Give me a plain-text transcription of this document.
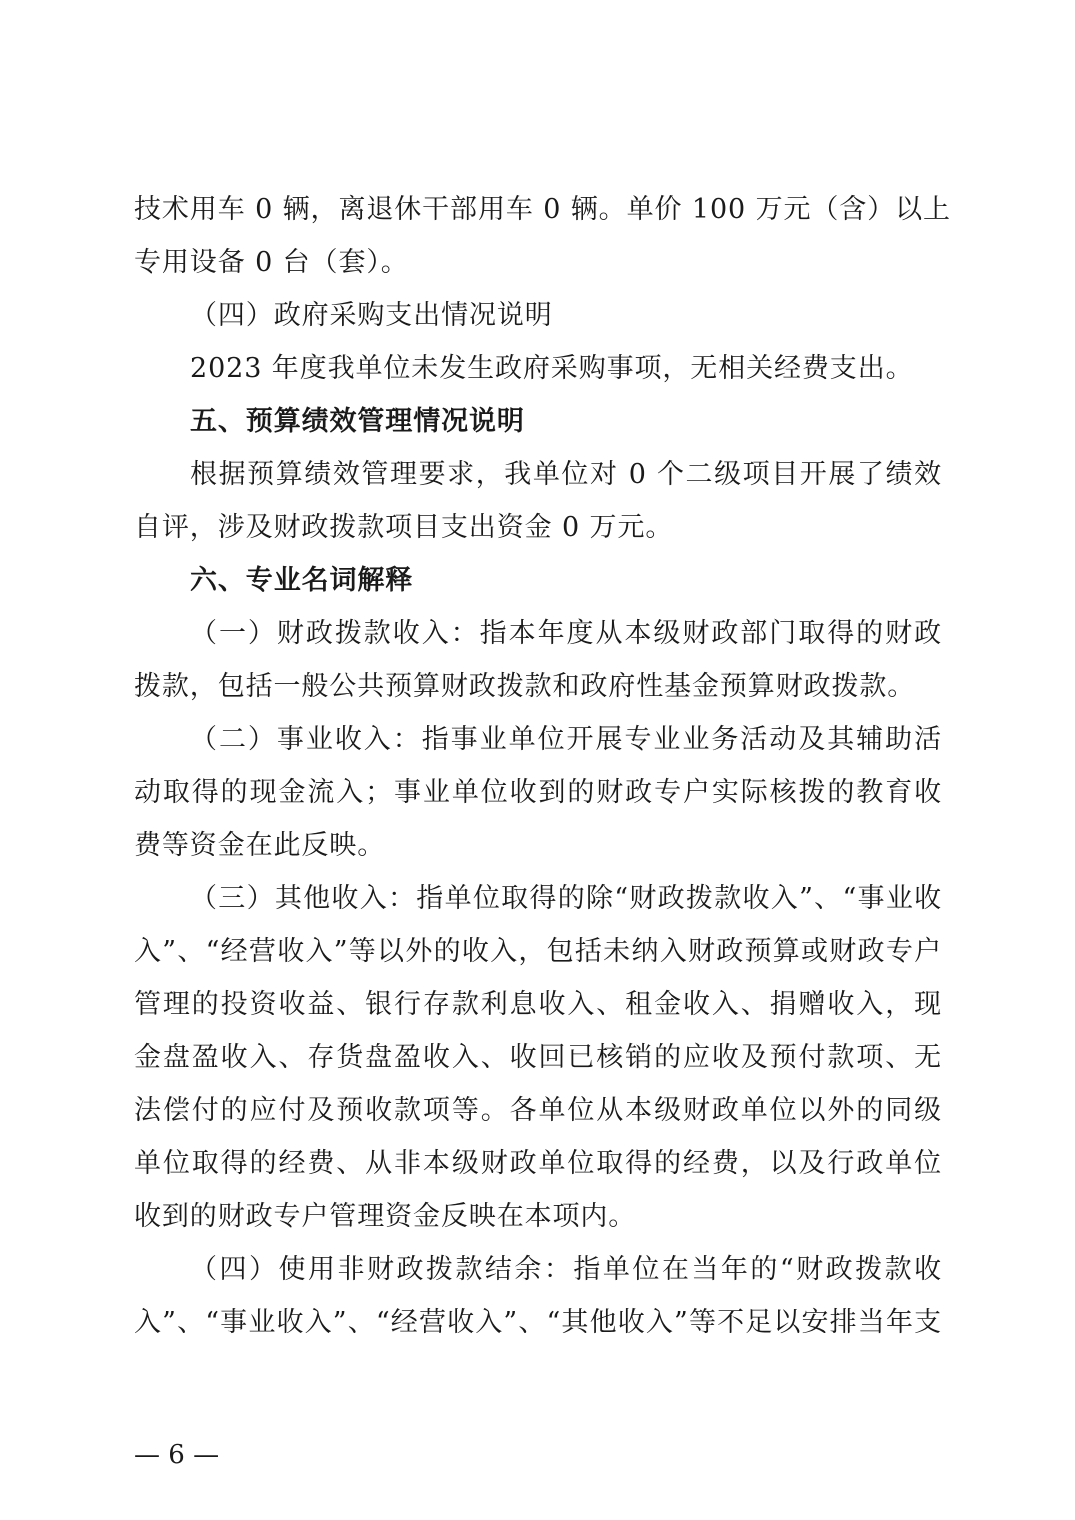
技术用车 0 辆，离退休干部用车 0 辆。单价 100 万元（含）以上
专用设备 0 台（套）。
（四）政府采购支出情况说明
2023 年度我单位未发生政府采购事项，无相关经费支出。
五、预算绩效管理情况说明
根据预算绩效管理要求，我单位对 0 个二级项目开展了绩效
自评，涉及财政拨款项目支出资金 0 万元。
六、专业名词解释
（一）财政拨款收入：指本年度从本级财政部门取得的财政
拨款，包括一般公共预算财政拨款和政府性基金预算财政拨款。
（二）事业收入：指事业单位开展专业业务活动及其辅助活
动取得的现金流入；事业单位收到的财政专户实际核拨的教育收
费等资金在此反映。
（三）其他收入：指单位取得的除“财政拨款收入”、“事业收
入”、“经营收入”等以外的收入，包括未纳入财政预算或财政专户
管理的投资收益、银行存款利息收入、租金收入、捐赠收入，现
金盘盈收入、存货盘盈收入、收回已核销的应收及预付款项、无
法偿付的应付及预收款项等。各单位从本级财政单位以外的同级
单位取得的经费、从非本级财政单位取得的经费，以及行政单位
收到的财政专户管理资金反映在本项内。
（四）使用非财政拨款结余：指单位在当年的“财政拨款收
入”、“事业收入”、“经营收入”、“其他收入”等不足以安排当年支
— 6 —
